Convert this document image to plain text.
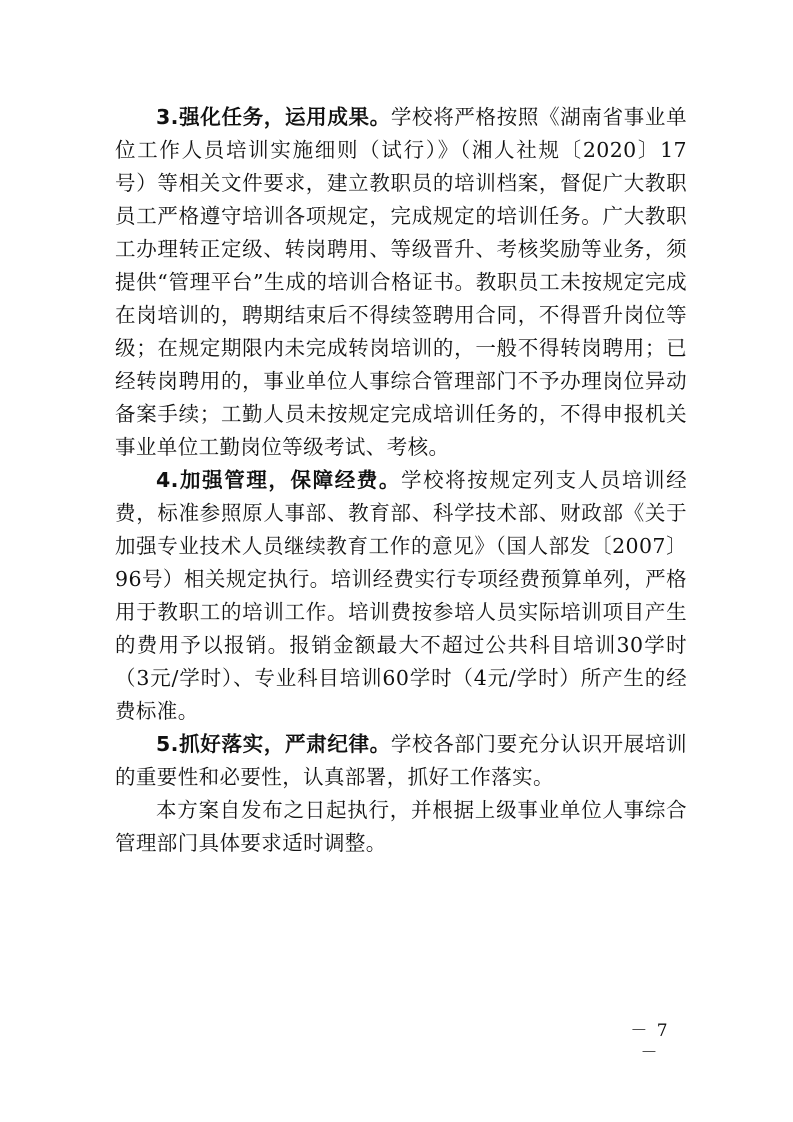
3.强化任务，运用成果。学校将严格按照《湖南省事业单位工作人员培训实施细则（试行）》（湘人社规〔2020〕17号）等相关文件要求，建立教职员的培训档案，督促广大教职员工严格遵守培训各项规定，完成规定的培训任务。广大教职工办理转正定级、转岗聘用、等级晋升、考核奖励等业务，须提供“管理平台”生成的培训合格证书。教职员工未按规定完成在岗培训的，聘期结束后不得续签聘用合同，不得晋升岗位等级；在规定期限内未完成转岗培训的，一般不得转岗聘用；已经转岗聘用的，事业单位人事综合管理部门不予办理岗位异动备案手续；工勤人员未按规定完成培训任务的，不得申报机关事业单位工勤岗位等级考试、考核。

4.加强管理，保障经费。学校将按规定列支人员培训经费，标准参照原人事部、教育部、科学技术部、财政部《关于加强专业技术人员继续教育工作的意见》（国人部发〔2007〕96号）相关规定执行。培训经费实行专项经费预算单列，严格用于教职工的培训工作。培训费按参培人员实际培训项目产生的费用予以报销。报销金额最大不超过公共科目培训30学时（3元/学时）、专业科目培训60学时（4元/学时）所产生的经费标准。

5.抓好落实，严肃纪律。学校各部门要充分认识开展培训的重要性和必要性，认真部署，抓好工作落实。

本方案自发布之日起执行，并根据上级事业单位人事综合管理部门具体要求适时调整。

－ 7 －
